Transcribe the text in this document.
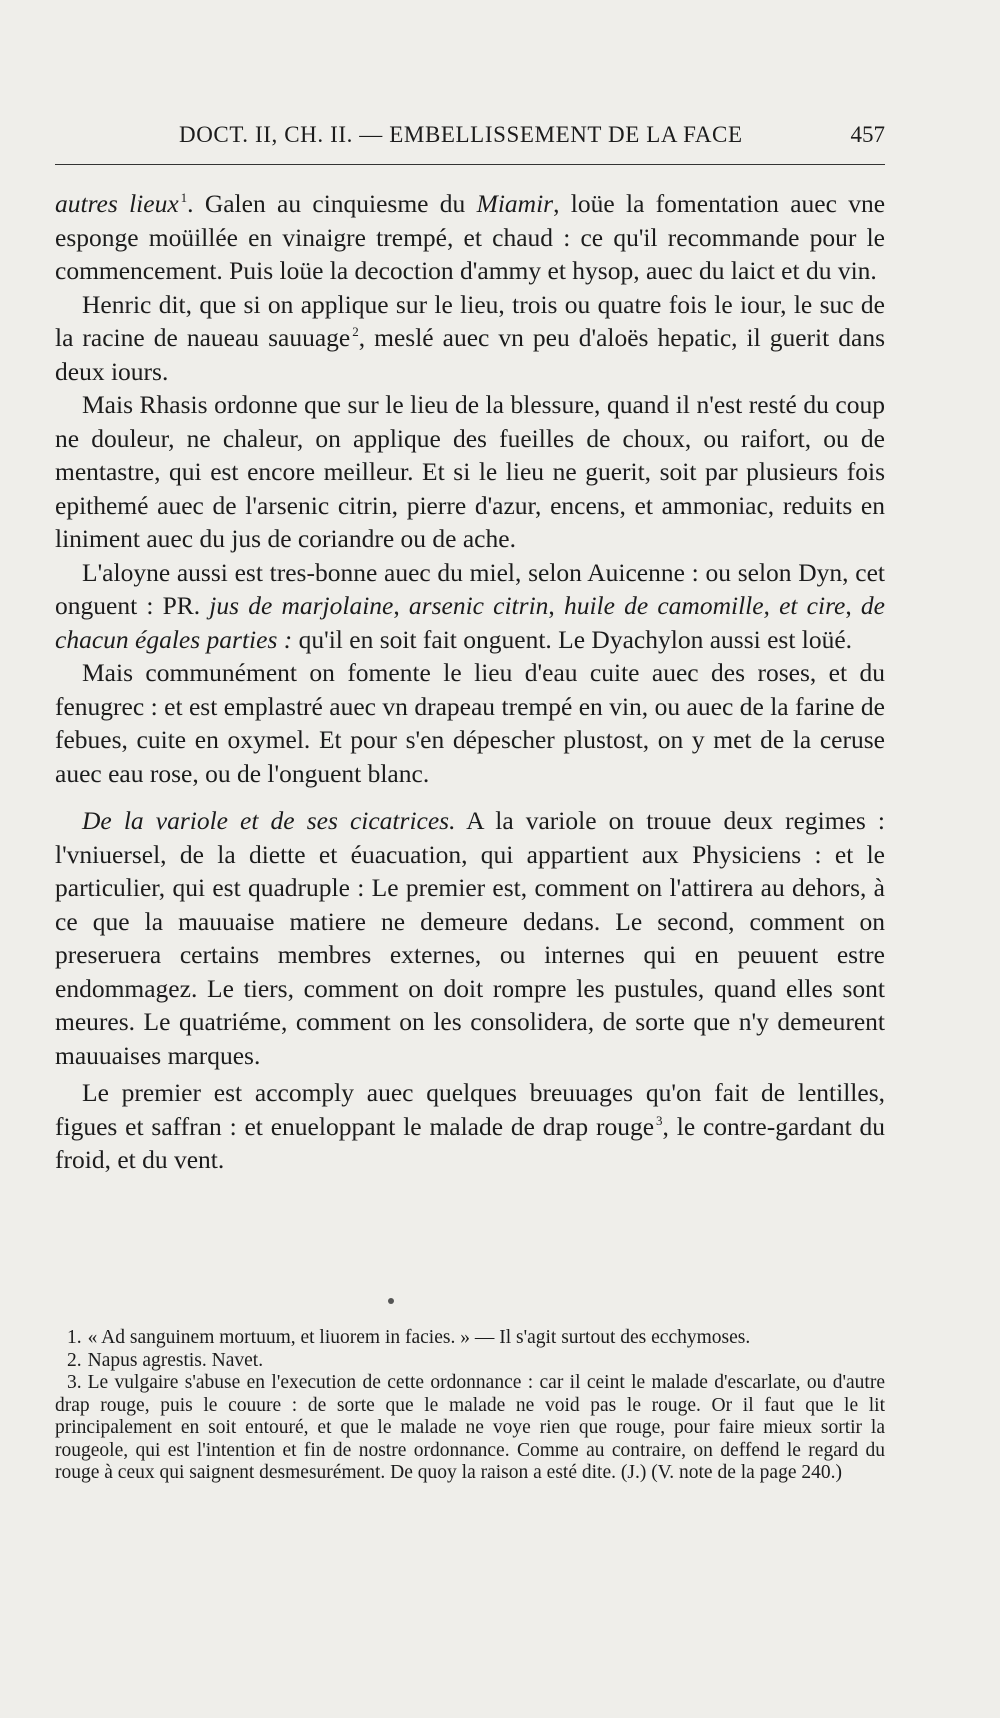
DOCT. II, CH. II. — EMBELLISSEMENT DE LA FACE	457

autres lieux $^1$. Galen au cinquiesme du Miamir, loüe la fomentation auec vne esponge moüillée en vinaigre trempé, et chaud : ce qu'il recommande pour le commencement. Puis loüe la decoction d'ammy et hysop, auec du laict et du vin.

Henric dit, que si on applique sur le lieu, trois ou quatre fois le iour, le suc de la racine de naueau sauuage $^2$, meslé auec vn peu d'aloës hepatic, il guerit dans deux iours.

Mais Rhasis ordonne que sur le lieu de la blessure, quand il n'est resté du coup ne douleur, ne chaleur, on applique des fueilles de choux, ou raifort, ou de mentastre, qui est encore meilleur. Et si le lieu ne guerit, soit par plusieurs fois epithemé auec de l'arsenic citrin, pierre d'azur, encens, et ammoniac, reduits en liniment auec du jus de coriandre ou de ache.

L'aloyne aussi est tres-bonne auec du miel, selon Auicenne : ou selon Dyn, cet onguent : PR. jus de marjolaine, arsenic citrin, huile de camomille, et cire, de chacun égales parties : qu'il en soit fait onguent. Le Dyachylon aussi est loüé.

Mais communément on fomente le lieu d'eau cuite auec des roses, et du fenugrec : et est emplastré auec vn drapeau trempé en vin, ou auec de la farine de febues, cuite en oxymel. Et pour s'en dépescher plustost, on y met de la ceruse auec eau rose, ou de l'onguent blanc.

De la variole et de ses cicatrices. A la variole on trouue deux regimes : l'vniuersel, de la diette et éuacuation, qui appartient aux Physiciens : et le particulier, qui est quadruple : Le premier est, comment on l'attirera au dehors, à ce que la mauuaise matiere ne demeure dedans. Le second, comment on preseruera certains membres externes, ou internes qui en peuuent estre endommagez. Le tiers, comment on doit rompre les pustules, quand elles sont meures. Le quatriéme, comment on les consolidera, de sorte que n'y demeurent mauuaises marques.

Le premier est accomply auec quelques breuuages qu'on fait de lentilles, figues et saffran : et enueloppant le malade de drap rouge $^3$, le contre-gardant du froid, et du vent.

1. « Ad sanguinem mortuum, et liuorem in facies. » — Il s'agit surtout des ecchymoses.

2. Napus agrestis. Navet.

3. Le vulgaire s'abuse en l'execution de cette ordonnance : car il ceint le malade d'escarlate, ou d'autre drap rouge, puis le couure : de sorte que le malade ne void pas le rouge. Or il faut que le lit principalement en soit entouré, et que le malade ne voye rien que rouge, pour faire mieux sortir la rougeole, qui est l'intention et fin de nostre ordonnance. Comme au contraire, on deffend le regard du rouge à ceux qui saignent desmesurément. De quoy la raison a esté dite. (J.) (V. note de la page 240.)
